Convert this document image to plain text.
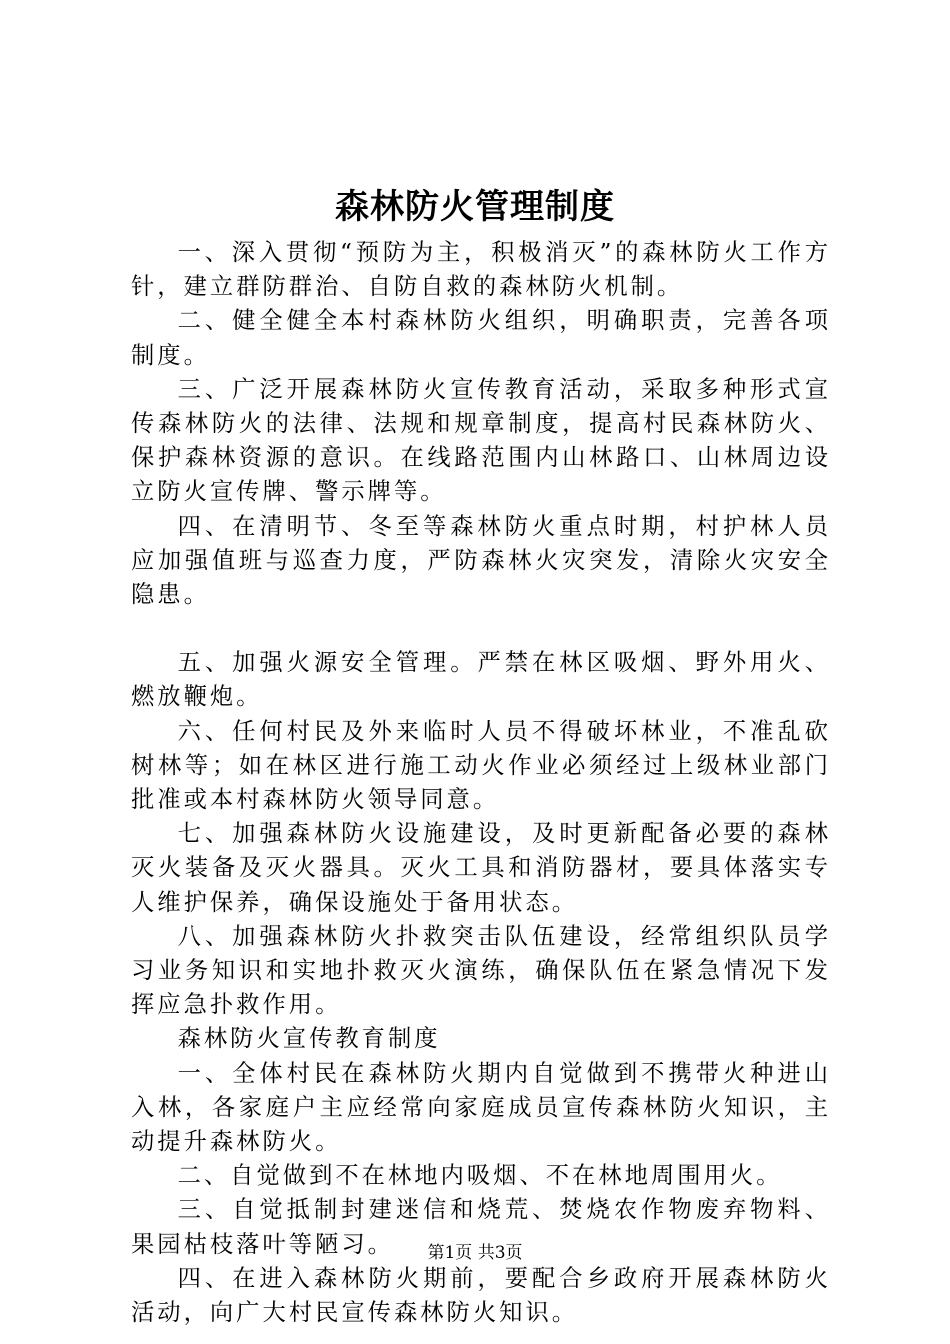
森林防火管理制度

一、深入贯彻“预防为主，积极消灭”的森林防火工作方针，建立群防群治、自防自救的森林防火机制。

二、健全健全本村森林防火组织，明确职责，完善各项制度。

三、广泛开展森林防火宣传教育活动，采取多种形式宣传森林防火的法律、法规和规章制度，提高村民森林防火、保护森林资源的意识。在线路范围内山林路口、山林周边设立防火宣传牌、警示牌等。

四、在清明节、冬至等森林防火重点时期，村护林人员应加强值班与巡查力度，严防森林火灾突发，清除火灾安全隐患。

五、加强火源安全管理。严禁在林区吸烟、野外用火、燃放鞭炮。

六、任何村民及外来临时人员不得破坏林业，不准乱砍树林等；如在林区进行施工动火作业必须经过上级林业部门批准或本村森林防火领导同意。

七、加强森林防火设施建设，及时更新配备必要的森林灭火装备及灭火器具。灭火工具和消防器材，要具体落实专人维护保养，确保设施处于备用状态。

八、加强森林防火扑救突击队伍建设，经常组织队员学习业务知识和实地扑救灭火演练，确保队伍在紧急情况下发挥应急扑救作用。

森林防火宣传教育制度

一、全体村民在森林防火期内自觉做到不携带火种进山入林，各家庭户主应经常向家庭成员宣传森林防火知识，主动提升森林防火。

二、自觉做到不在林地内吸烟、不在林地周围用火。

三、自觉抵制封建迷信和烧荒、焚烧农作物废弃物料、果园枯枝落叶等陋习。

四、在进入森林防火期前，要配合乡政府开展森林防火活动，向广大村民宣传森林防火知识。

第1页 共3页
